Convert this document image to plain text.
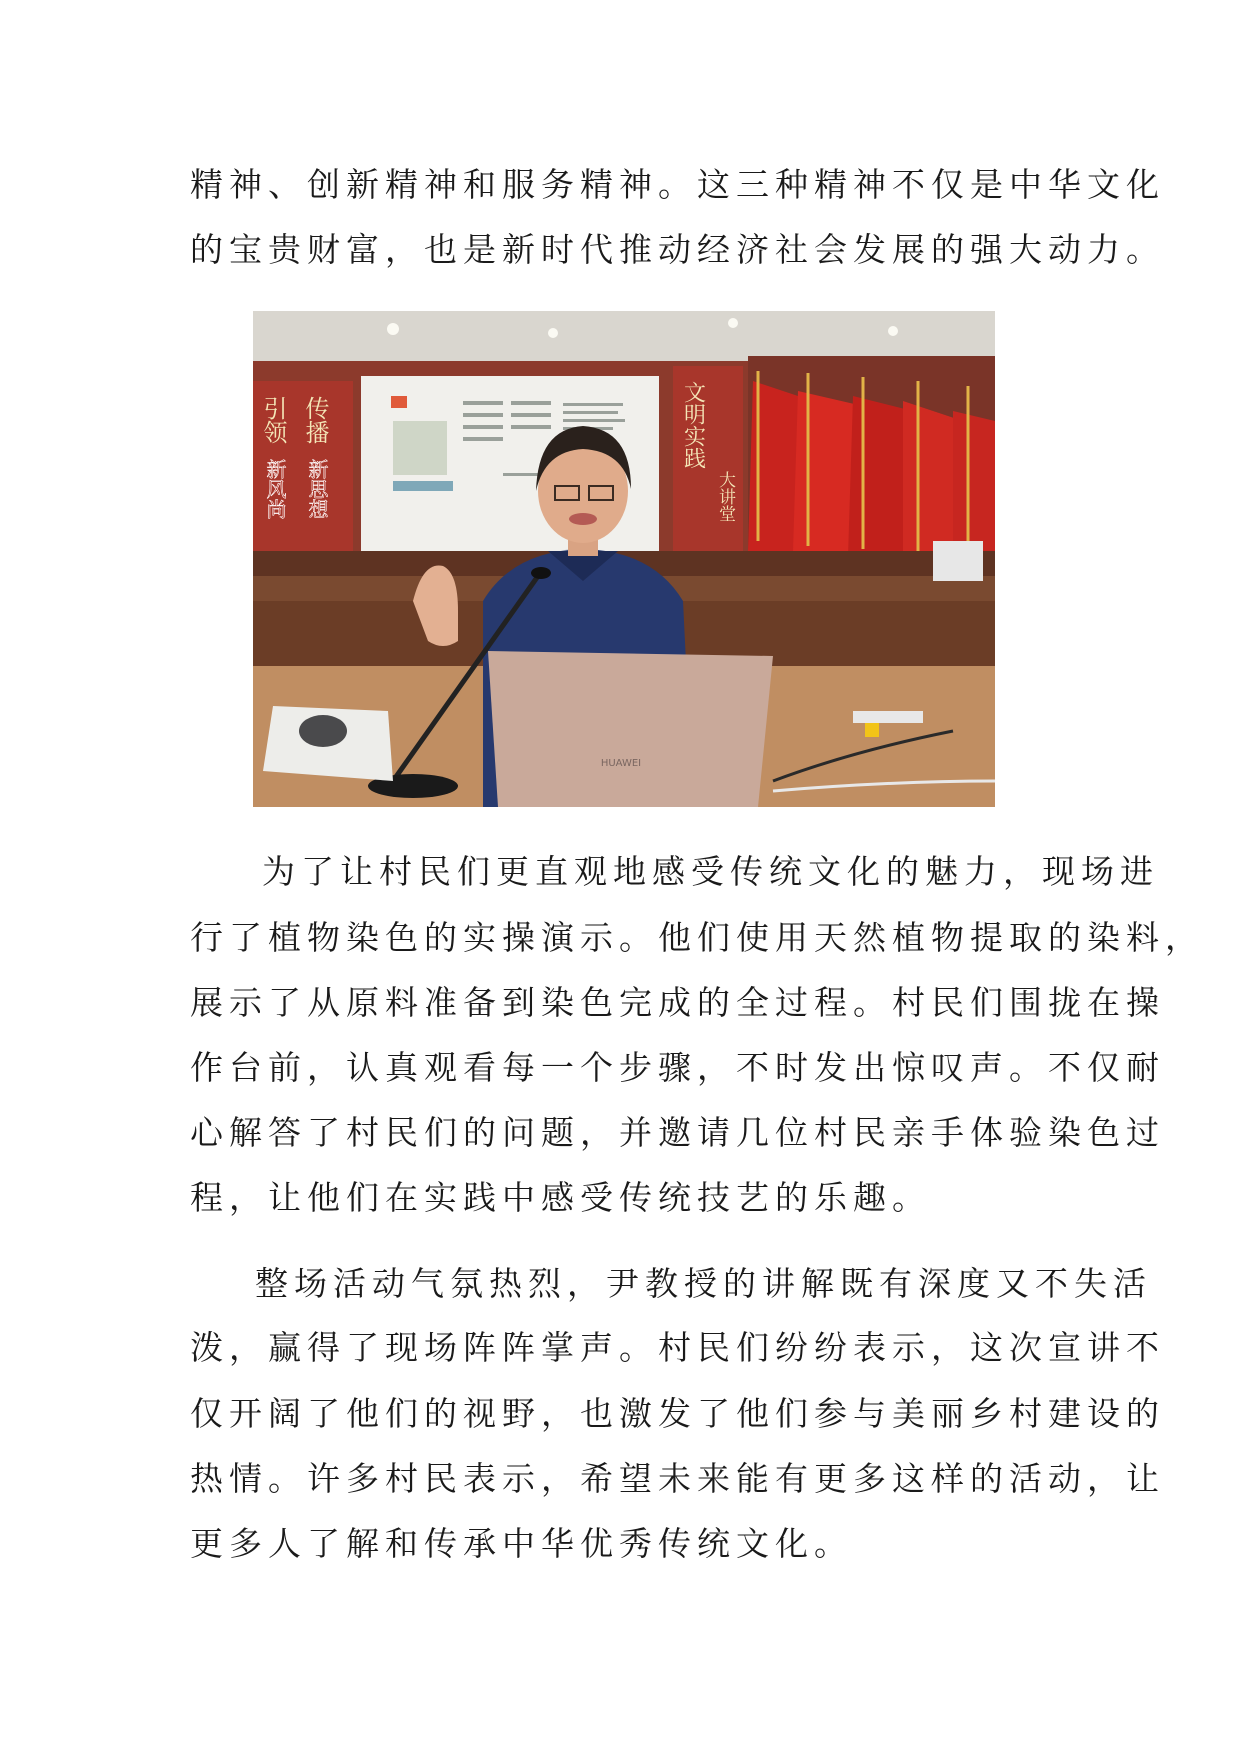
精神、创新精神和服务精神。这三种精神不仅是中华文化

的宝贵财富，也是新时代推动经济社会发展的强大动力。

引领 传播
新风尚 新思想
文明实践
大讲堂
HUAWEI

为了让村民们更直观地感受传统文化的魅力，现场进

行了植物染色的实操演示。他们使用天然植物提取的染料，

展示了从原料准备到染色完成的全过程。村民们围拢在操

作台前，认真观看每一个步骤，不时发出惊叹声。不仅耐

心解答了村民们的问题，并邀请几位村民亲手体验染色过

程，让他们在实践中感受传统技艺的乐趣。

整场活动气氛热烈，尹教授的讲解既有深度又不失活

泼，赢得了现场阵阵掌声。村民们纷纷表示，这次宣讲不

仅开阔了他们的视野，也激发了他们参与美丽乡村建设的

热情。许多村民表示，希望未来能有更多这样的活动，让

更多人了解和传承中华优秀传统文化。
